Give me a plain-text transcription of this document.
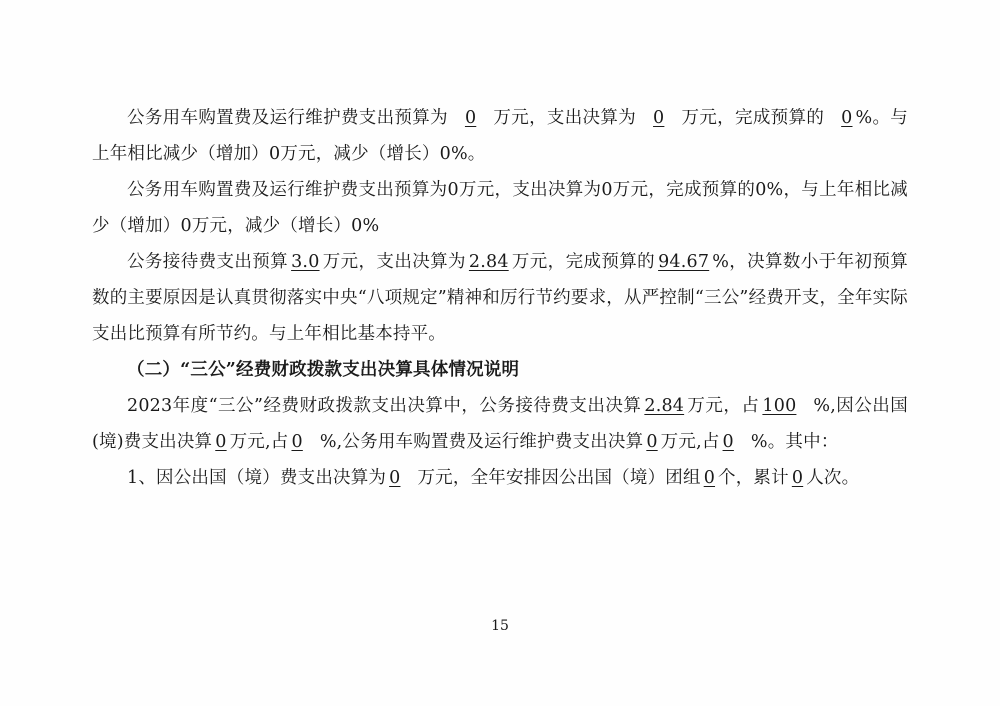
公务用车购置费及运行维护费支出预算为 0 万元，支出决算为 0 万元，完成预算的 0 %。与上年相比减少（增加）0万元，减少（增长）0%。

公务用车购置费及运行维护费支出预算为0万元，支出决算为0万元，完成预算的0%，与上年相比减少（增加）0万元，减少（增长）0%

公务接待费支出预算 3.0 万元，支出决算为 2.84 万元，完成预算的 94.67 %，决算数小于年初预算数的主要原因是认真贯彻落实中央“八项规定”精神和厉行节约要求，从严控制“三公”经费开支，全年实际支出比预算有所节约。与上年相比基本持平。

（二）“三公”经费财政拨款支出决算具体情况说明

2023年度“三公”经费财政拨款支出决算中，公务接待费支出决算 2.84 万元，占 100 %,因公出国(境)费支出决算 0 万元,占 0 %,公务用车购置费及运行维护费支出决算 0 万元,占 0 %。其中：

1、因公出国（境）费支出决算为 0 万元，全年安排因公出国（境）团组 0 个，累计 0 人次。

15
